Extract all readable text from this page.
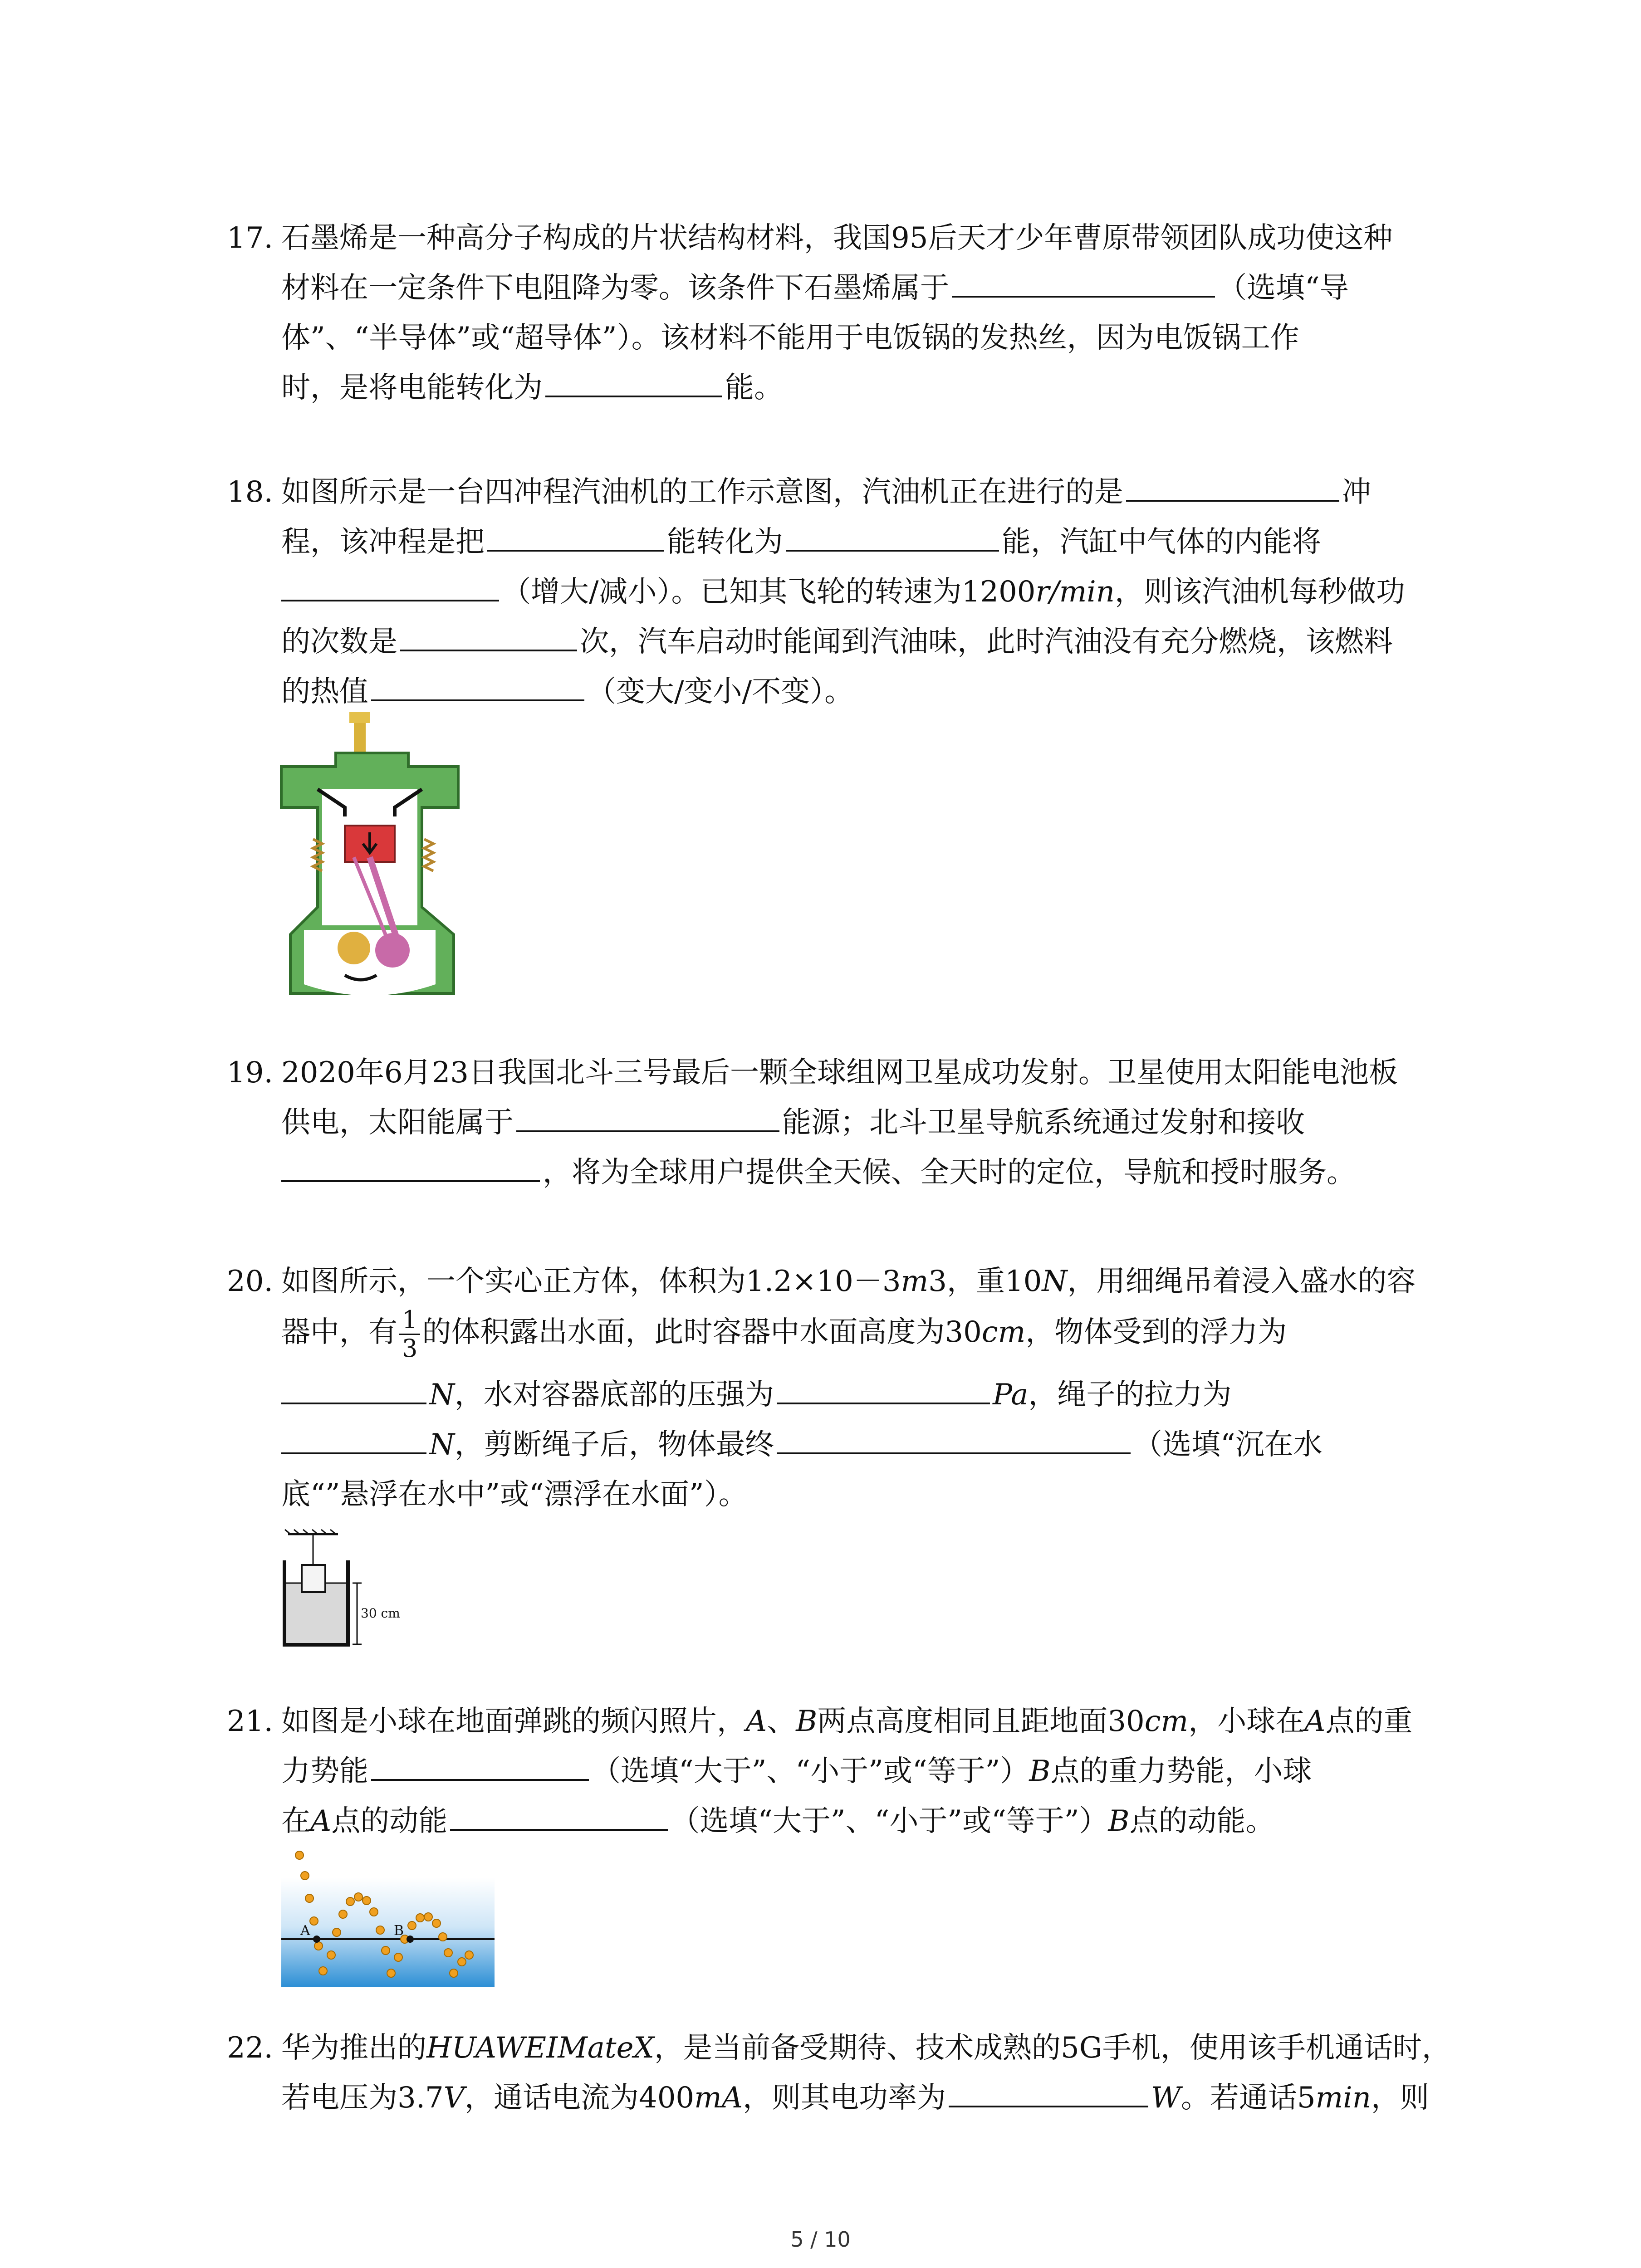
17. 石墨烯是一种高分子构成的片状结构材料，我国95后天才少年曹原带领团队成功使这种
材料在一定条件下电阻降为零。该条件下石墨烯属于	（选填“导
体”、“半导体”或“超导体”）。该材料不能用于电饭锅的发热丝，因为电饭锅工作
时，是将电能转化为	能。
18. 如图所示是一台四冲程汽油机的工作示意图，汽油机正在进行的是	冲
程，该冲程是把	能转化为	能，汽缸中气体的内能将
（增大/减小）。已知其飞轮的转速为1200r/min，则该汽油机每秒做功
的次数是	次，汽车启动时能闻到汽油味，此时汽油没有充分燃烧，该燃料
的热值	（变大/变小/不变）。
19. 2020年6月23日我国北斗三号最后一颗全球组网卫星成功发射。卫星使用太阳能电池板
供电，太阳能属于	能源；北斗卫星导航系统通过发射和接收
，将为全球用户提供全天候、全天时的定位，导航和授时服务。
20. 如图所示，一个实心正方体，体积为1.2×10－3m3，重10N，用细绳吊着浸入盛水的容
器中，有 $\frac{1}{3}$ 的体积露出水面，此时容器中水面高度为30cm，物体受到的浮力为
N，水对容器底部的压强为	Pa，绳子的拉力为
N，剪断绳子后，物体最终	（选填“沉在水
底“”悬浮在水中”或“漂浮在水面”）。
30 cm
21. 如图是小球在地面弹跳的频闪照片，A、B两点高度相同且距地面30cm，小球在A点的重
力势能	（选填“大于”、“小于”或“等于”）B点的重力势能，小球
在A点的动能	（选填“大于”、“小于”或“等于”）B点的动能。
A	B
22. 华为推出的HUAWEIMateX，是当前备受期待、技术成熟的5G手机，使用该手机通话时，
若电压为3.7V，通话电流为400mA，则其电功率为	W。若通话5min，则
5 / 10
